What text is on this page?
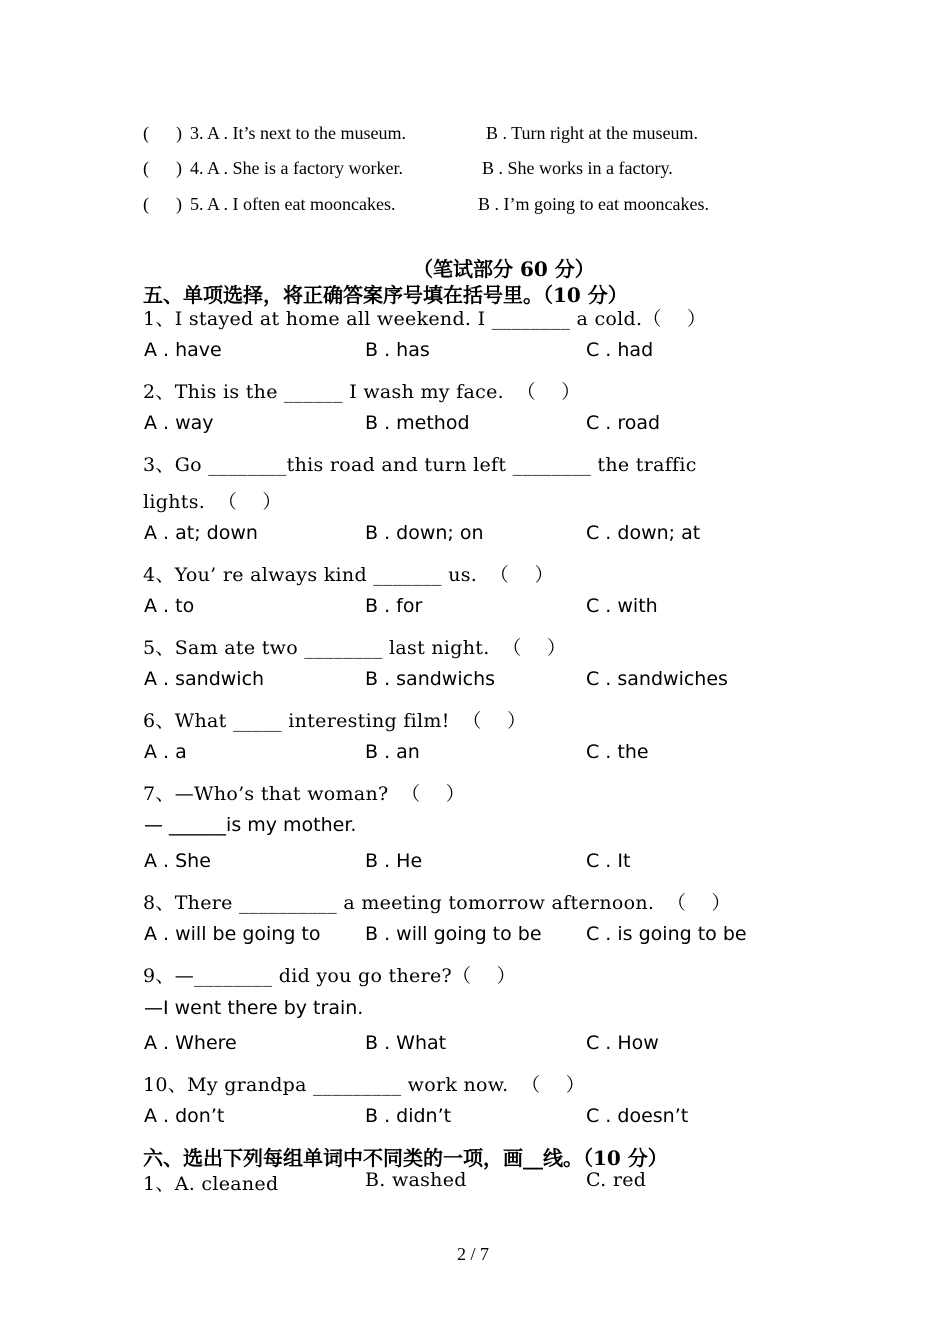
(      ) 3. A . It’s next to the museum.	B . Turn right at the museum.
(      ) 4. A . She is a factory worker.	B . She works in a factory.
(      ) 5. A . I often eat mooncakes.	B . I’m going to eat mooncakes.
（笔试部分 60 分）
五、单项选择，将正确答案序号填在括号里。（10 分）
1、I stayed at home all weekend. I ________ a cold.（    ）
A . have	B . has	C . had
2、This is the ______ I wash my face.  （    ）
A . way	B . method	C . road
3、Go ________this road and turn left ________ the traffic
lights.  （    ）
A . at; down	B . down; on	C . down; at
4、You’ re always kind _______ us.  （    ）
A . to	B . for	C . with
5、Sam ate two ________ last night.  （    ）
A . sandwich	B . sandwichs	C . sandwiches
6、What _____ interesting film!  （    ）
A . a	B . an	C . the
7、—Who’s that woman?  （    ）
— ______is my mother.
A . She	B . He	C . It
8、There __________ a meeting tomorrow afternoon.  （    ）
A . will be going to B . will going to be C . is going to be
9、—________ did you go there?（    ）
—I went there by train.
A . Where	B . What	C . How
10、My grandpa _________ work now.  （    ）
A . don’t	B . didn’t	C . doesn’t
六、选出下列每组单词中不同类的一项，画__线。（10 分）
1、A. cleaned	B. washed	C. red
2 / 7
